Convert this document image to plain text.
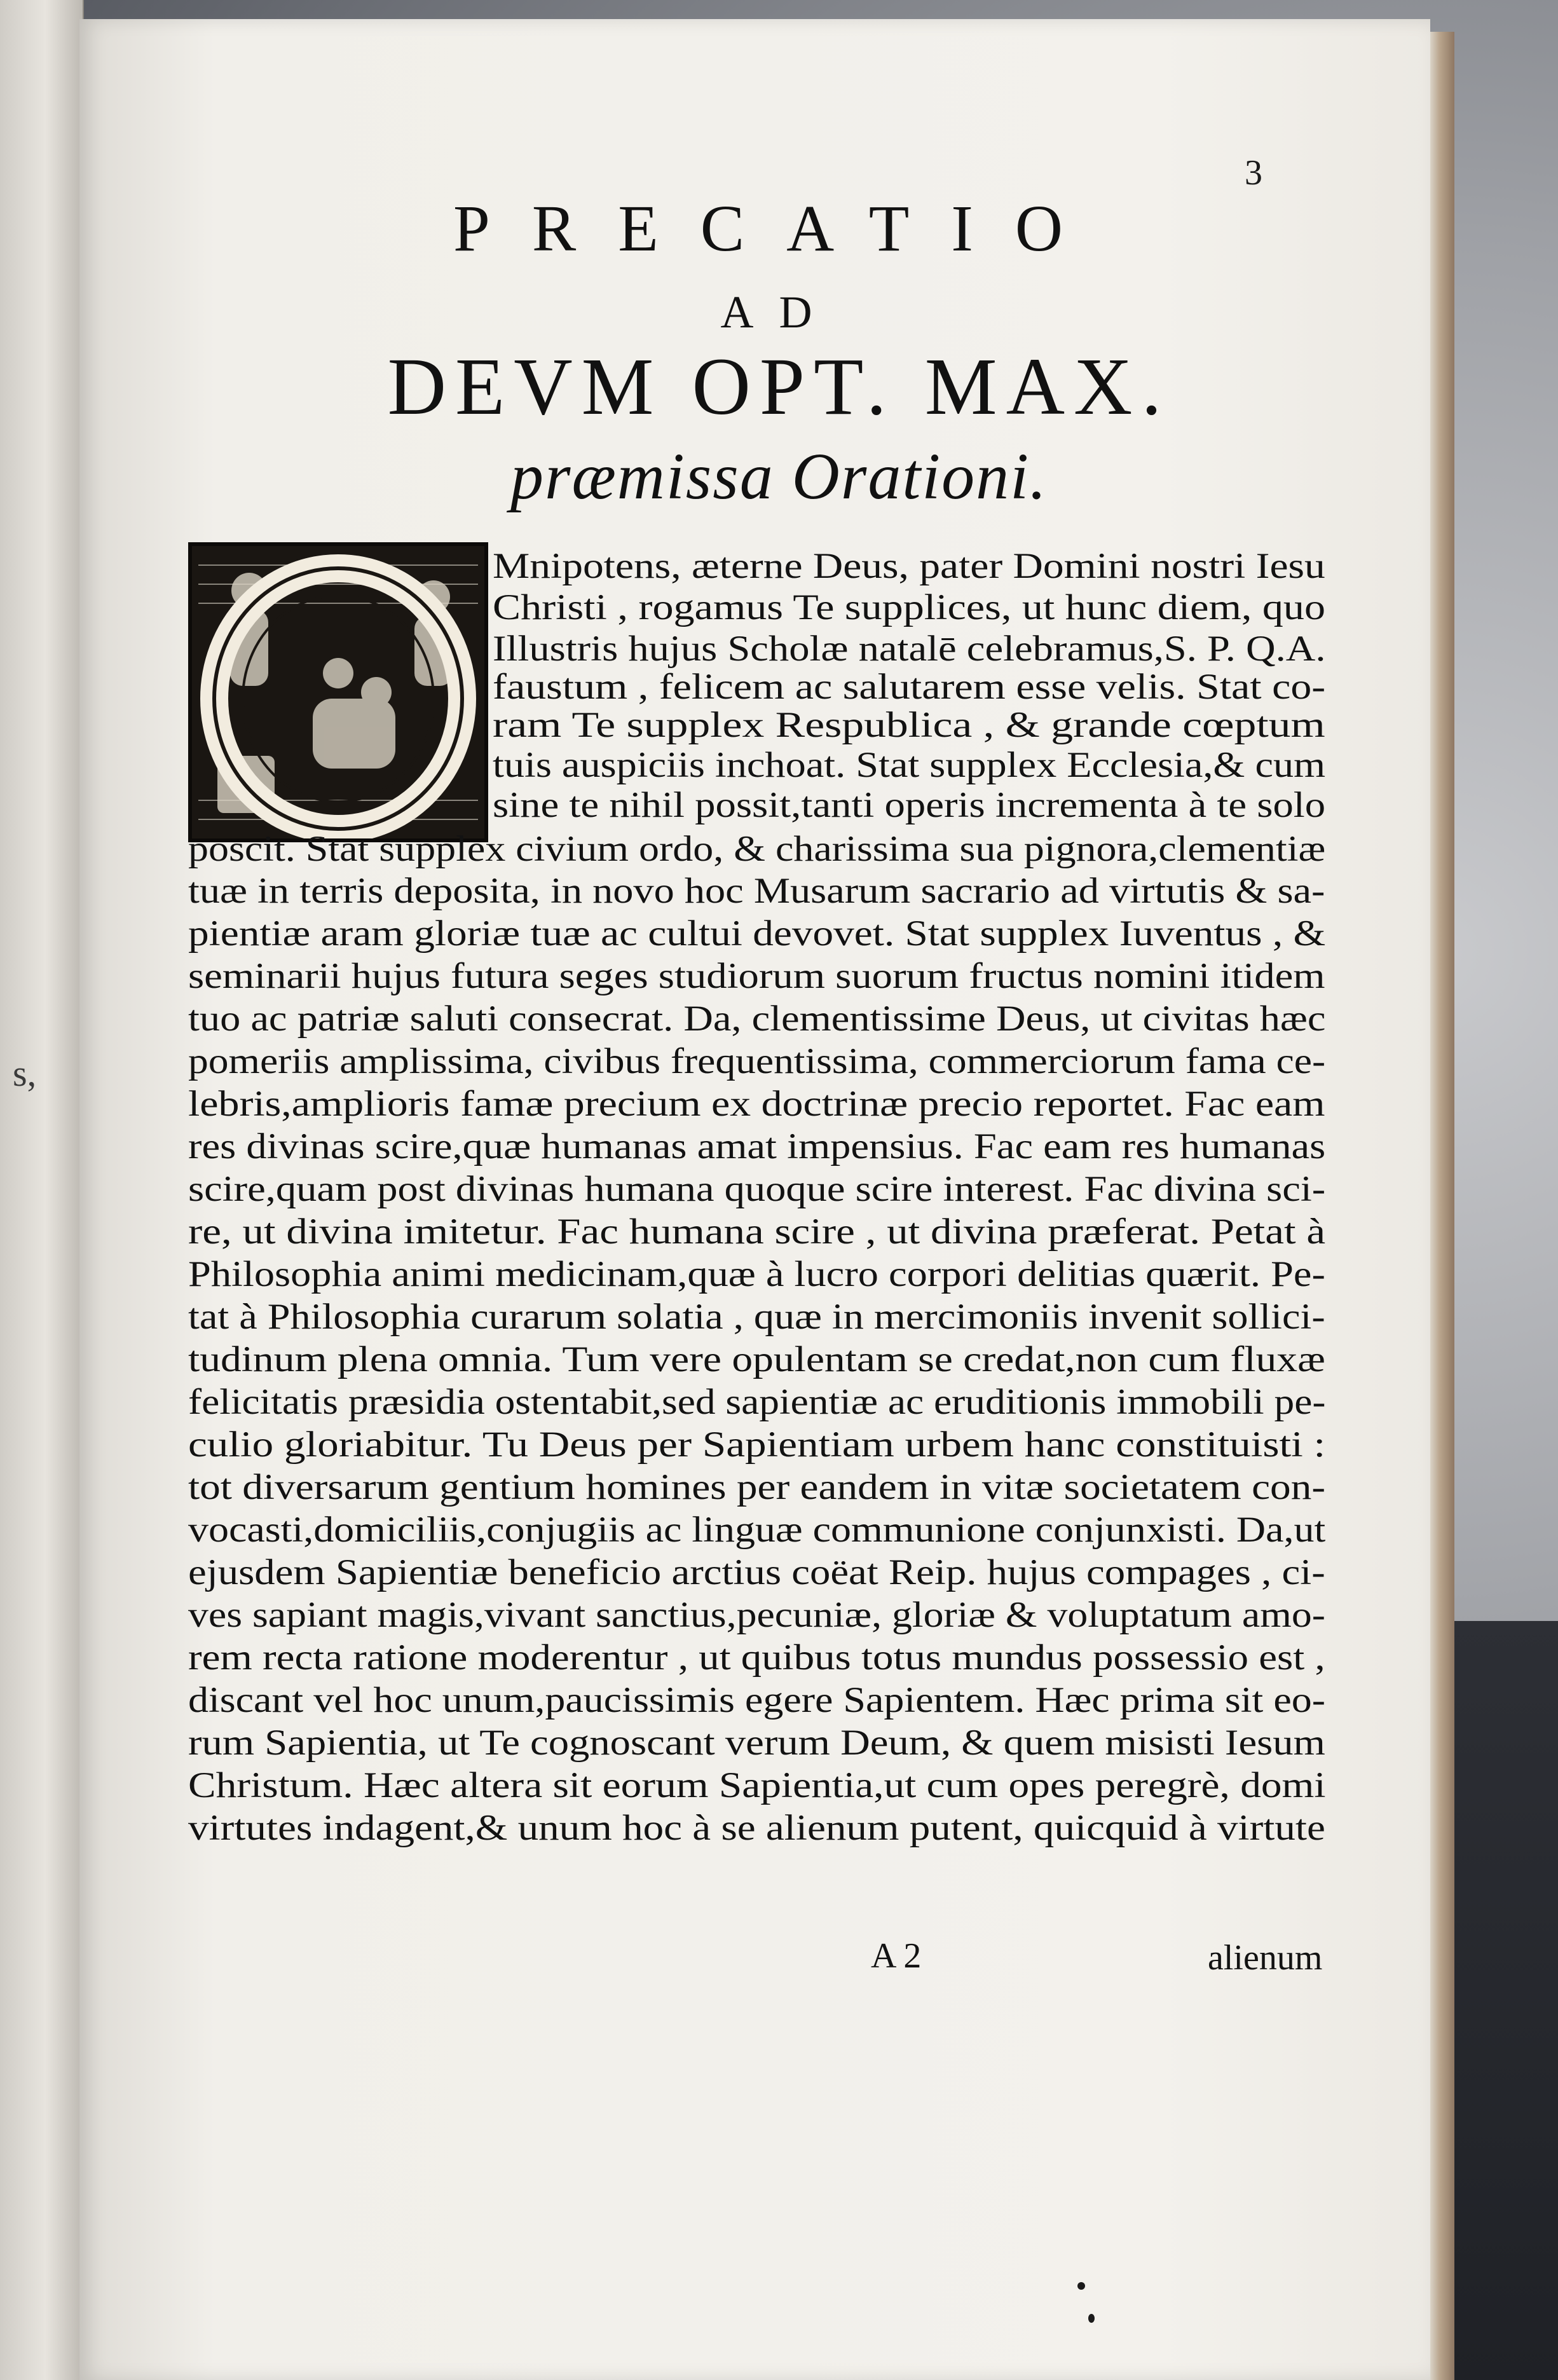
s,
3
PRECATIO
AD
DEVM OPT. MAX.
præmissa Orationi.
Mnipotens, æterne Deus, pater Domini nostri Iesu
Christi , rogamus Te supplices, ut hunc diem, quo
Illustris hujus Scholæ natalē celebramus,S. P. Q.A.
faustum , felicem ac salutarem esse velis. Stat co-
ram Te supplex Respublica , & grande cœptum
tuis auspiciis inchoat. Stat supplex Ecclesia,& cum
sine te nihil possit,tanti operis incrementa à te solo
poscit. Stat supplex civium ordo, & charissima sua pignora,clementiæ
tuæ in terris deposita, in novo hoc Musarum sacrario ad virtutis & sa-
pientiæ aram gloriæ tuæ ac cultui devovet. Stat supplex Iuventus , &
seminarii hujus futura seges studiorum suorum fructus nomini itidem
tuo ac patriæ saluti consecrat. Da, clementissime Deus, ut civitas hæc
pomeriis amplissima, civibus frequentissima, commerciorum fama ce-
lebris,amplioris famæ precium ex doctrinæ precio reportet. Fac eam
res divinas scire,quæ humanas amat impensius. Fac eam res humanas
scire,quam post divinas humana quoque scire interest. Fac divina sci-
re, ut divina imitetur. Fac humana scire , ut divina præferat. Petat à
Philosophia animi medicinam,quæ à lucro corpori delitias quærit. Pe-
tat à Philosophia curarum solatia , quæ in mercimoniis invenit sollici-
tudinum plena omnia. Tum vere opulentam se credat,non cum fluxæ
felicitatis præsidia ostentabit,sed sapientiæ ac eruditionis immobili pe-
culio gloriabitur. Tu Deus per Sapientiam urbem hanc constituisti :
tot diversarum gentium homines per eandem in vitæ societatem con-
vocasti,domiciliis,conjugiis ac linguæ communione conjunxisti. Da,ut
ejusdem Sapientiæ beneficio arctius coëat Reip. hujus compages , ci-
ves sapiant magis,vivant sanctius,pecuniæ, gloriæ & voluptatum amo-
rem recta ratione moderentur , ut quibus totus mundus possessio est ,
discant vel hoc unum,paucissimis egere Sapientem. Hæc prima sit eo-
rum Sapientia, ut Te cognoscant verum Deum, & quem misisti Iesum
Christum. Hæc altera sit eorum Sapientia,ut cum opes peregrè, domi
virtutes indagent,& unum hoc à se alienum putent, quicquid à virtute
A 2	alienum
